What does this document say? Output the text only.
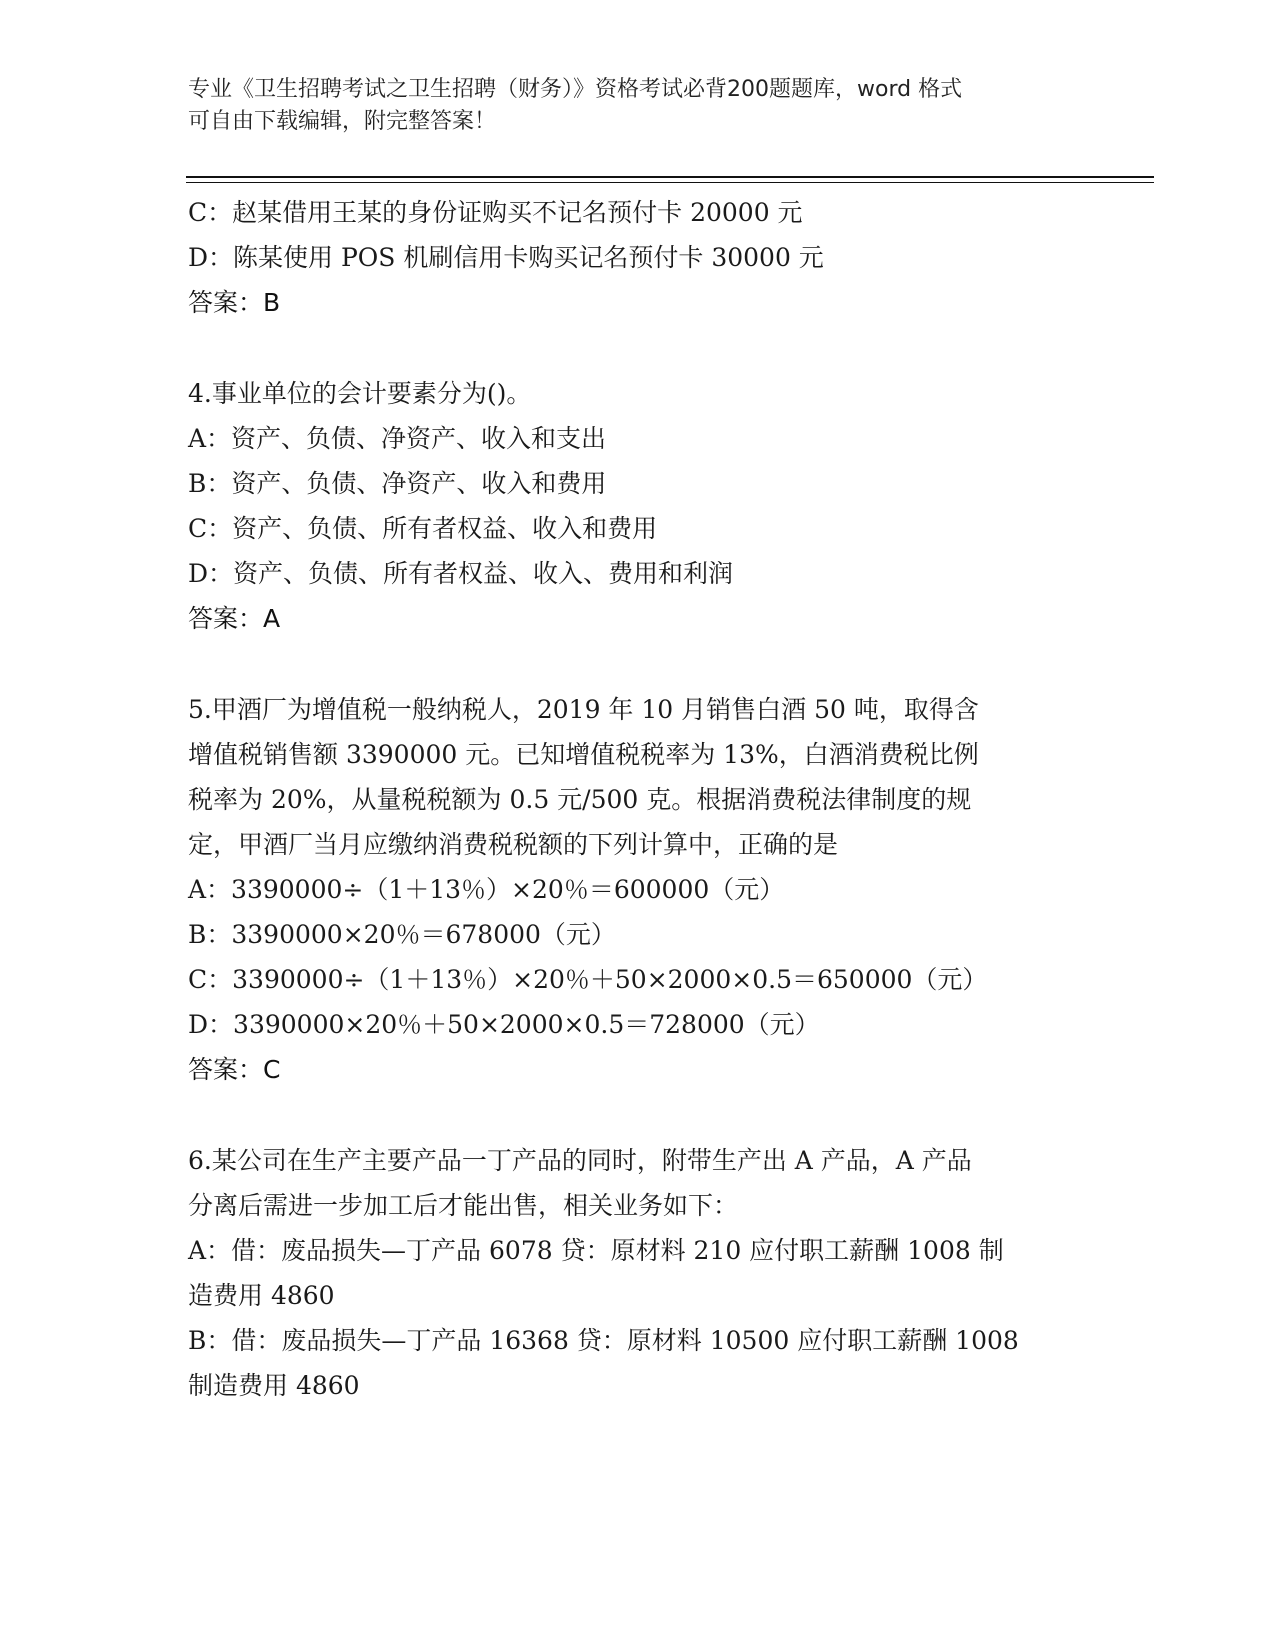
专业《卫生招聘考试之卫生招聘（财务）》资格考试必背200题题库，word 格式
可自由下载编辑，附完整答案！
C：赵某借用王某的身份证购买不记名预付卡 20000 元
D：陈某使用 POS 机刷信用卡购买记名预付卡 30000 元
答案：B
4.事业单位的会计要素分为()。
A：资产、负债、净资产、收入和支出
B：资产、负债、净资产、收入和费用
C：资产、负债、所有者权益、收入和费用
D：资产、负债、所有者权益、收入、费用和利润
答案：A
5.甲酒厂为增值税一般纳税人，2019 年 10 月销售白酒 50 吨，取得含
增值税销售额 3390000 元。已知增值税税率为 13%，白酒消费税比例
税率为 20%，从量税税额为 0.5 元/500 克。根据消费税法律制度的规
定，甲酒厂当月应缴纳消费税税额的下列计算中，正确的是
A：3390000÷（1＋13％）×20％＝600000（元）
B：3390000×20％＝678000（元）
C：3390000÷（1＋13％）×20％＋50×2000×0.5＝650000（元）
D：3390000×20％＋50×2000×0.5＝728000（元）
答案：C
6.某公司在生产主要产品一丁产品的同时，附带生产出 A 产品，A 产品
分离后需进一步加工后才能出售，相关业务如下：
A：借：废品损失—丁产品 6078 贷：原材料 210 应付职工薪酬 1008 制
造费用 4860
B：借：废品损失—丁产品 16368 贷：原材料 10500 应付职工薪酬 1008
制造费用 4860
